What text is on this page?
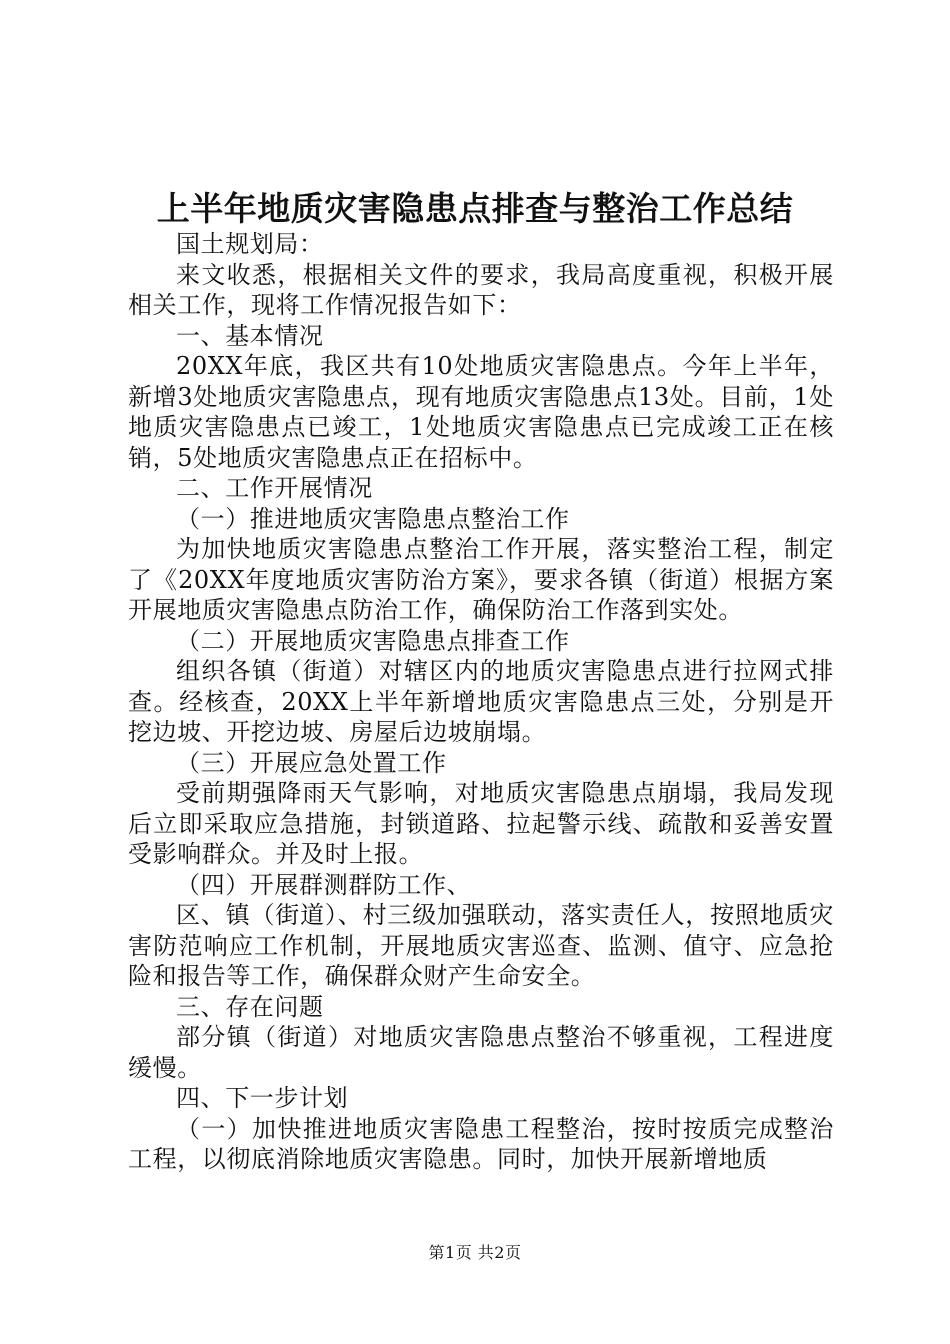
上半年地质灾害隐患点排查与整治工作总结

国土规划局：

来文收悉，根据相关文件的要求，我局高度重视，积极开展相关工作，现将工作情况报告如下：

一、基本情况

20XX年底，我区共有10处地质灾害隐患点。今年上半年，新增3处地质灾害隐患点，现有地质灾害隐患点13处。目前，1处地质灾害隐患点已竣工，1处地质灾害隐患点已完成竣工正在核销，5处地质灾害隐患点正在招标中。

二、工作开展情况

（一）推进地质灾害隐患点整治工作

为加快地质灾害隐患点整治工作开展，落实整治工程，制定了《20XX年度地质灾害防治方案》，要求各镇（街道）根据方案开展地质灾害隐患点防治工作，确保防治工作落到实处。

（二）开展地质灾害隐患点排查工作

组织各镇（街道）对辖区内的地质灾害隐患点进行拉网式排查。经核查，20XX上半年新增地质灾害隐患点三处，分别是开挖边坡、开挖边坡、房屋后边坡崩塌。

（三）开展应急处置工作

受前期强降雨天气影响，对地质灾害隐患点崩塌，我局发现后立即采取应急措施，封锁道路、拉起警示线、疏散和妥善安置受影响群众。并及时上报。

（四）开展群测群防工作、

区、镇（街道）、村三级加强联动，落实责任人，按照地质灾害防范响应工作机制，开展地质灾害巡查、监测、值守、应急抢险和报告等工作，确保群众财产生命安全。

三、存在问题

部分镇（街道）对地质灾害隐患点整治不够重视，工程进度缓慢。

四、下一步计划

（一）加快推进地质灾害隐患工程整治，按时按质完成整治工程，以彻底消除地质灾害隐患。同时，加快开展新增地质

第1页 共2页
